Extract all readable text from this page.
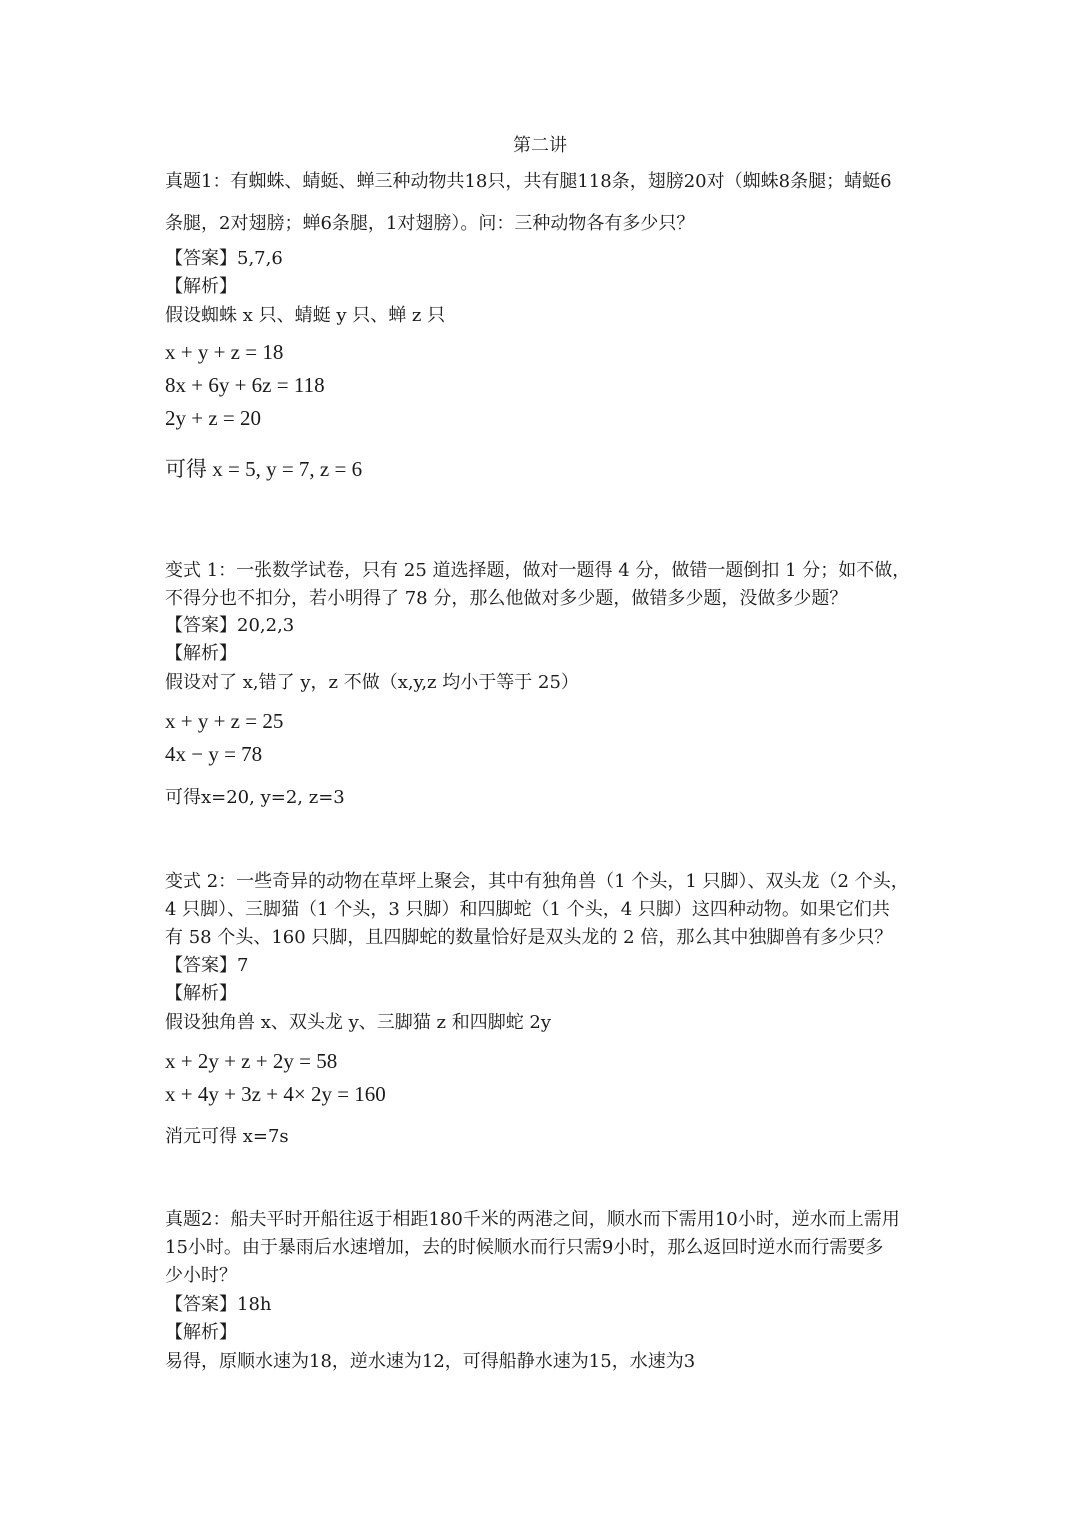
第二讲
真题1：有蜘蛛、蜻蜓、蝉三种动物共18只，共有腿118条，翅膀20对（蜘蛛8条腿；蜻蜓6
条腿，2对翅膀；蝉6条腿，1对翅膀）。问：三种动物各有多少只？
【答案】5,7,6
【解析】
假设蜘蛛 x 只、蜻蜓 y 只、蝉 z 只
x + y + z = 18
8x + 6y + 6z = 118
2y + z = 20
可得 x = 5, y = 7, z = 6
变式 1：一张数学试卷，只有 25 道选择题，做对一题得 4 分，做错一题倒扣 1 分；如不做，
不得分也不扣分，若小明得了 78 分，那么他做对多少题，做错多少题，没做多少题？
【答案】20,2,3
【解析】
假设对了 x,错了 y，z 不做（x,y,z 均小于等于 25）
x + y + z = 25
4x − y = 78
可得x=20, y=2, z=3
变式 2：一些奇异的动物在草坪上聚会，其中有独角兽（1 个头，1 只脚）、双头龙（2 个头，
4 只脚）、三脚猫（1 个头，3 只脚）和四脚蛇（1 个头，4 只脚）这四种动物。如果它们共
有 58 个头、160 只脚，且四脚蛇的数量恰好是双头龙的 2 倍，那么其中独脚兽有多少只？
【答案】7
【解析】
假设独角兽 x、双头龙 y、三脚猫 z 和四脚蛇 2y
x + 2y + z + 2y = 58
x + 4y + 3z + 4× 2y = 160
消元可得 x=7s
真题2：船夫平时开船往返于相距180千米的两港之间，顺水而下需用10小时，逆水而上需用
15小时。由于暴雨后水速增加，去的时候顺水而行只需9小时，那么返回时逆水而行需要多
少小时？
【答案】18h
【解析】
易得，原顺水速为18，逆水速为12，可得船静水速为15，水速为3
